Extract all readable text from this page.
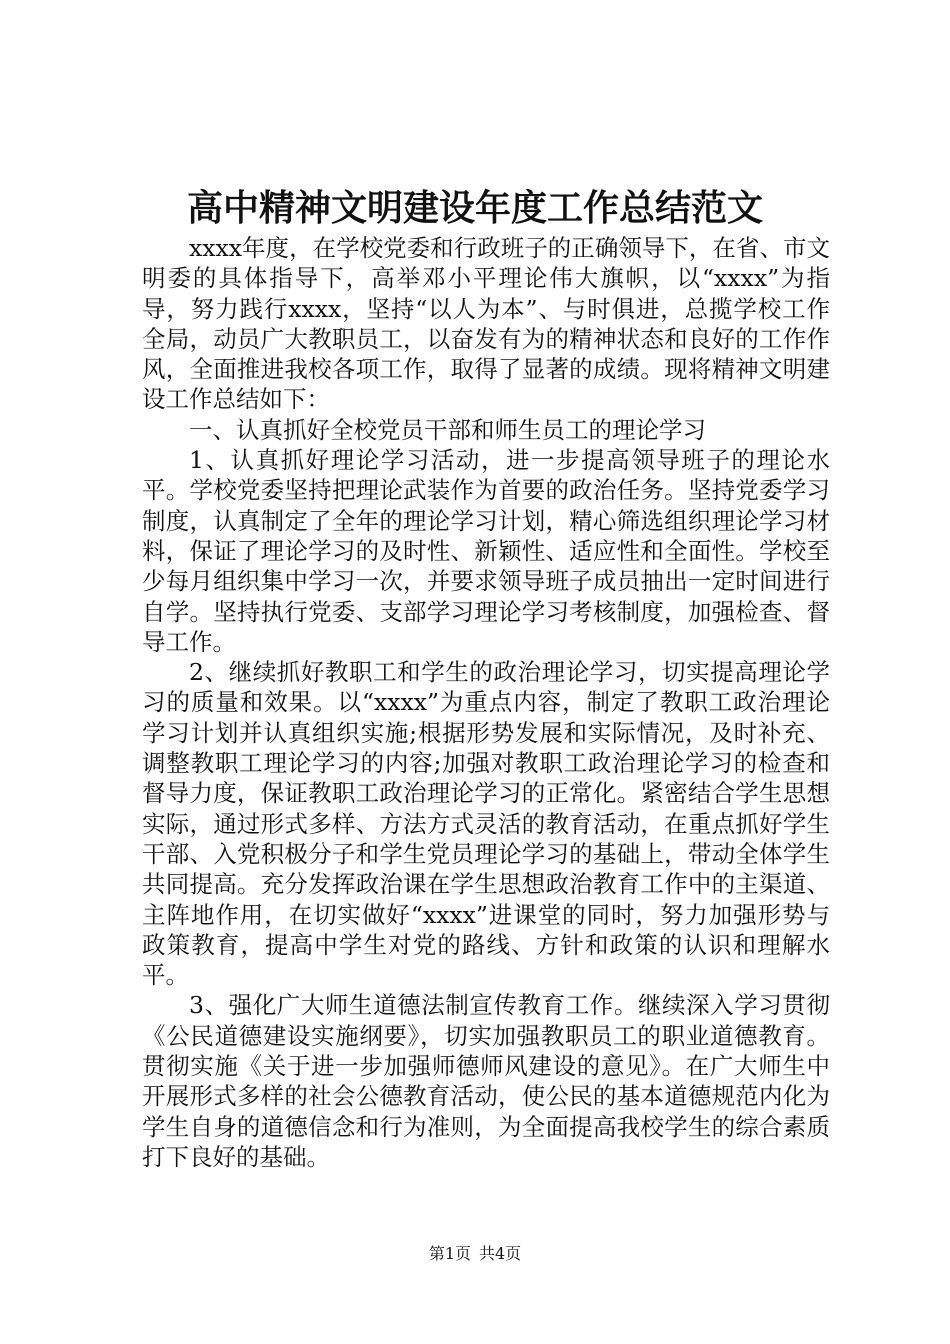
高中精神文明建设年度工作总结范文

xxxx年度，在学校党委和行政班子的正确领导下，在省、市文明委的具体指导下，高举邓小平理论伟大旗帜，以“xxxx”为指导，努力践行xxxx，坚持“以人为本”、与时俱进，总揽学校工作全局，动员广大教职员工，以奋发有为的精神状态和良好的工作作风，全面推进我校各项工作，取得了显著的成绩。现将精神文明建设工作总结如下：

一、认真抓好全校党员干部和师生员工的理论学习

1、认真抓好理论学习活动，进一步提高领导班子的理论水平。学校党委坚持把理论武装作为首要的政治任务。坚持党委学习制度，认真制定了全年的理论学习计划，精心筛选组织理论学习材料，保证了理论学习的及时性、新颖性、适应性和全面性。学校至少每月组织集中学习一次，并要求领导班子成员抽出一定时间进行自学。坚持执行党委、支部学习理论学习考核制度，加强检查、督导工作。

2、继续抓好教职工和学生的政治理论学习，切实提高理论学习的质量和效果。以“xxxx”为重点内容，制定了教职工政治理论学习计划并认真组织实施;根据形势发展和实际情况，及时补充、调整教职工理论学习的内容;加强对教职工政治理论学习的检查和督导力度，保证教职工政治理论学习的正常化。紧密结合学生思想实际，通过形式多样、方法方式灵活的教育活动，在重点抓好学生干部、入党积极分子和学生党员理论学习的基础上，带动全体学生共同提高。充分发挥政治课在学生思想政治教育工作中的主渠道、主阵地作用，在切实做好“xxxx”进课堂的同时，努力加强形势与政策教育，提高中学生对党的路线、方针和政策的认识和理解水平。

3、强化广大师生道德法制宣传教育工作。继续深入学习贯彻《公民道德建设实施纲要》，切实加强教职员工的职业道德教育。贯彻实施《关于进一步加强师德师风建设的意见》。在广大师生中开展形式多样的社会公德教育活动，使公民的基本道德规范内化为学生自身的道德信念和行为准则，为全面提高我校学生的综合素质打下良好的基础。

第1页 共4页
